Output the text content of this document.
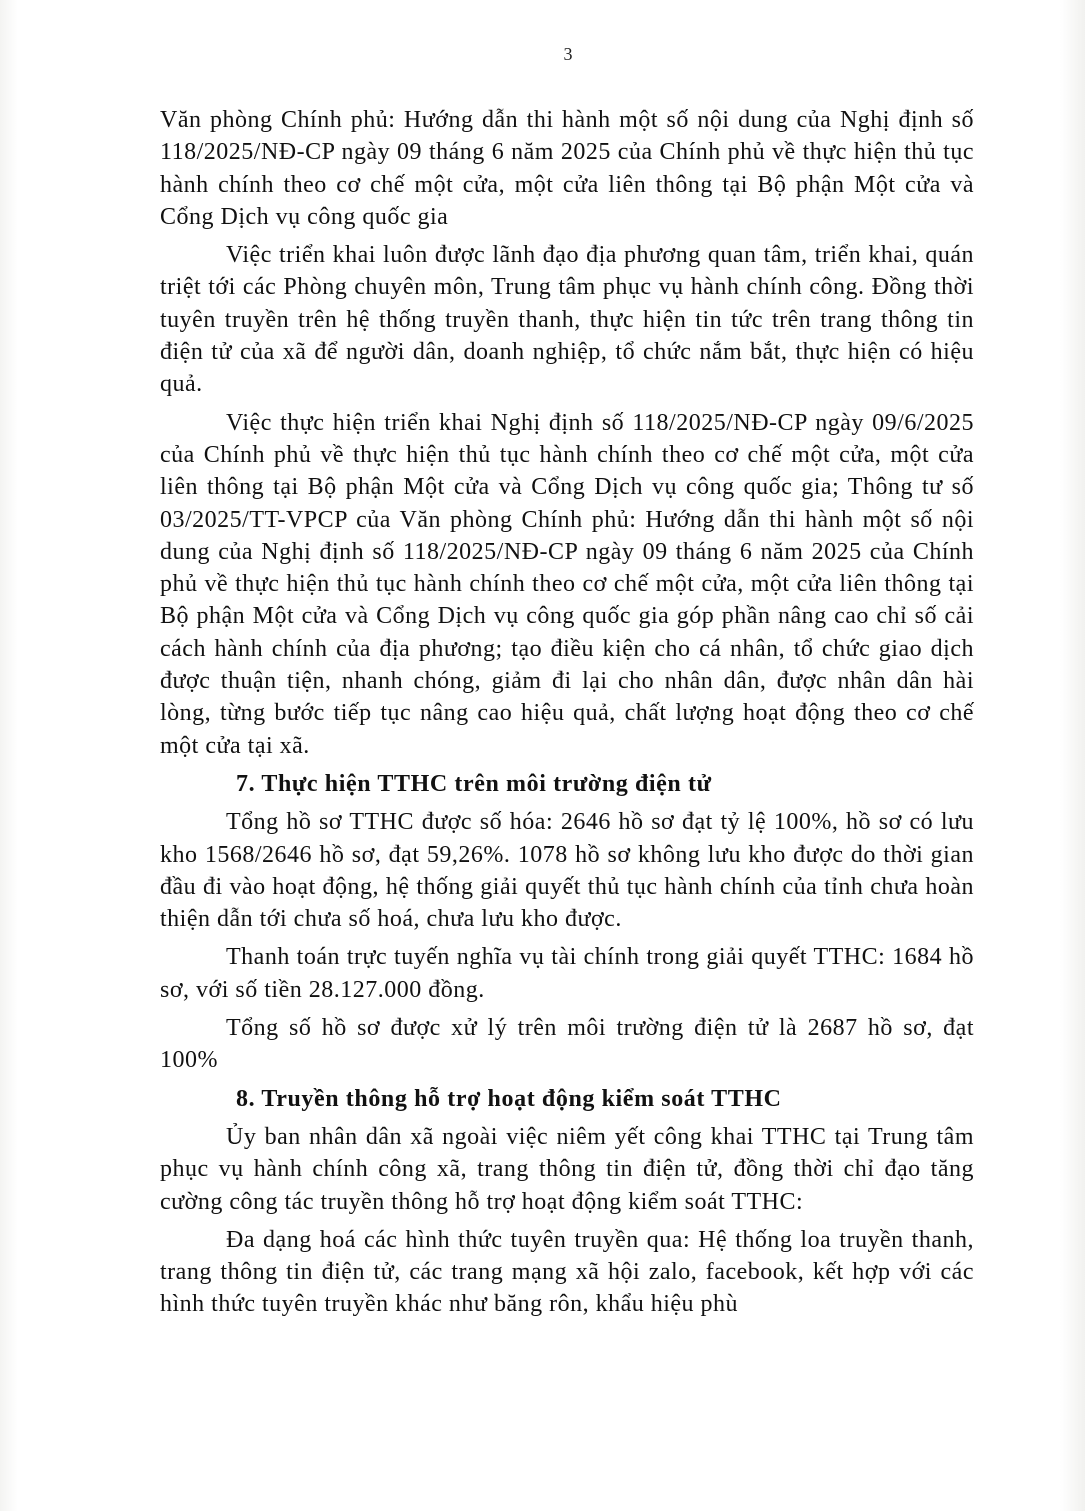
3

Văn phòng Chính phủ: Hướng dẫn thi hành một số nội dung của Nghị định số 118/2025/NĐ-CP ngày 09 tháng 6 năm 2025 của Chính phủ về thực hiện thủ tục hành chính theo cơ chế một cửa, một cửa liên thông tại Bộ phận Một cửa và Cổng Dịch vụ công quốc gia

Việc triển khai luôn được lãnh đạo địa phương quan tâm, triển khai, quán triệt tới các Phòng chuyên môn, Trung tâm phục vụ hành chính công. Đồng thời tuyên truyền trên hệ thống truyền thanh, thực hiện tin tức trên trang thông tin điện tử của xã để người dân, doanh nghiệp, tổ chức nắm bắt, thực hiện có hiệu quả.

Việc thực hiện triển khai Nghị định số 118/2025/NĐ-CP ngày 09/6/2025 của Chính phủ về thực hiện thủ tục hành chính theo cơ chế một cửa, một cửa liên thông tại Bộ phận Một cửa và Cổng Dịch vụ công quốc gia; Thông tư số 03/2025/TT-VPCP của Văn phòng Chính phủ: Hướng dẫn thi hành một số nội dung của Nghị định số 118/2025/NĐ-CP ngày 09 tháng 6 năm 2025 của Chính phủ về thực hiện thủ tục hành chính theo cơ chế một cửa, một cửa liên thông tại Bộ phận Một cửa và Cổng Dịch vụ công quốc gia góp phần nâng cao chỉ số cải cách hành chính của địa phương; tạo điều kiện cho cá nhân, tổ chức giao dịch được thuận tiện, nhanh chóng, giảm đi lại cho nhân dân, được nhân dân hài lòng, từng bước tiếp tục nâng cao hiệu quả, chất lượng hoạt động theo cơ chế một cửa tại xã.

7. Thực hiện TTHC trên môi trường điện tử

Tổng hồ sơ TTHC được số hóa: 2646 hồ sơ đạt tỷ lệ 100%, hồ sơ có lưu kho 1568/2646 hồ sơ, đạt 59,26%. 1078 hồ sơ không lưu kho được do thời gian đầu đi vào hoạt động, hệ thống giải quyết thủ tục hành chính của tỉnh chưa hoàn thiện dẫn tới chưa số hoá, chưa lưu kho được.

Thanh toán trực tuyến nghĩa vụ tài chính trong giải quyết TTHC: 1684 hồ sơ, với số tiền 28.127.000 đồng.

Tổng số hồ sơ được xử lý trên môi trường điện tử là 2687 hồ sơ, đạt 100%

8. Truyền thông hỗ trợ hoạt động kiểm soát TTHC

Ủy ban nhân dân xã ngoài việc niêm yết công khai TTHC tại Trung tâm phục vụ hành chính công xã, trang thông tin điện tử, đồng thời chỉ đạo tăng cường công tác truyền thông hỗ trợ hoạt động kiểm soát TTHC:

Đa dạng hoá các hình thức tuyên truyền qua: Hệ thống loa truyền thanh, trang thông tin điện tử, các trang mạng xã hội zalo, facebook, kết hợp với các hình thức tuyên truyền khác như băng rôn, khẩu hiệu phù
